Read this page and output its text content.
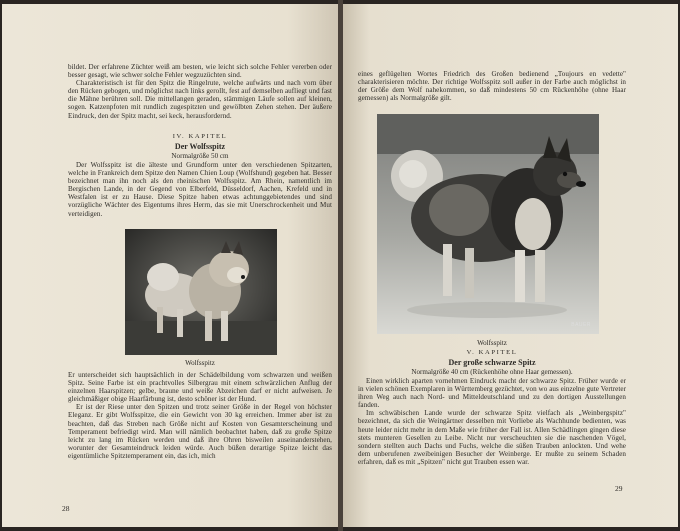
bildet. Der erfahrene Züchter weiß am besten, wie leicht sich solche Fehler vererben oder besser gesagt, wie schwer solche Fehler wegzuzüchten sind.

Charakteristisch ist für den Spitz die Ringelrute, welche aufwärts und nach vorn über den Rücken gebogen, und möglichst nach links gerollt, fest auf demselben aufliegt und fast die Mähne berühren soll. Die mittellangen geraden, stämmigen Läufe sollen auf kleinen, sogen. Katzenpfoten mit rundlich zugespitzten und gewölbten Zehen stehen. Der äußere Eindruck, den der Spitz macht, sei keck, herausfordernd.

IV. KAPITEL
Der Wolfsspitz
Normalgröße 50 cm

Der Wolfsspitz ist die älteste und Grundform unter den verschiedenen Spitzarten, welche in Frankreich dem Spitze den Namen Chien Loup (Wolfshund) gegeben hat. Besser bezeichnet man ihn noch als den rheinischen Wolfsspitz. Am Rhein, namentlich im Bergischen Lande, in der Gegend von Elberfeld, Düsseldorf, Aachen, Krefeld und in Westfalen ist er zu Hause. Diese Spitze haben etwas achtunggebietendes und sind vorzügliche Wächter des Eigentums ihres Herrn, das sie mit Unerschrockenheit und Mut verteidigen.

Wolfsspitz

Er unterscheidet sich hauptsächlich in der Schädelbildung vom schwarzen und weißen Spitz. Seine Farbe ist ein prachtvolles Silbergrau mit einem schwärzlichen Anflug der einzelnen Haarspitzen; gelbe, braune und weiße Abzeichen darf er nicht aufweisen. Je gleichmäßiger obige Haarfärbung ist, desto schöner ist der Hund.

Er ist der Riese unter den Spitzen und trotz seiner Größe in der Regel von höchster Eleganz. Er gibt Wolfsspitze, die ein Gewicht von 30 kg erreichen. Immer aber ist zu beachten, daß das Streben nach Größe nicht auf Kosten von Gesamterscheinung und Temperament befriedigt wird. Man will nämlich beobachtet haben, daß zu große Spitze leicht zu lang im Rücken werden und daß ihre Ohren bisweilen auseinanderstehen, worunter der Gesamteindruck leiden würde. Auch büßen derartige Spitze leicht das eigentümliche Spitztemperament ein, das ich, mich

28

eines geflügelten Wortes Friedrich des Großen bedienend „Toujours en vedette" charakterisieren möchte. Der richtige Wolfsspitz soll außer in der Farbe auch möglichst in der Größe dem Wolf nahekommen, so daß mindestens 50 cm Rückenhöhe (ohne Haar gemessen) als Normalgröße gilt.

BAUER
Wolfsspitz
V. KAPITEL
Der große schwarze Spitz
Normalgröße 40 cm (Rückenhöhe ohne Haar gemessen).

Einen wirklich aparten vornehmen Eindruck macht der schwarze Spitz. Früher wurde er in vielen schönen Exemplaren in Württemberg gezüchtet, von wo aus einzelne gute Vertreter ihren Weg auch nach Nord- und Mitteldeutschland und zu den dortigen Ausstellungen fanden.

Im schwäbischen Lande wurde der schwarze Spitz vielfach als „Weinbergspitz" bezeichnet, da sich die Weingärtner desselben mit Vorliebe als Wachhunde bedienten, was heute leider nicht mehr in dem Maße wie früher der Fall ist. Allen Schädlingen gingen diese stets munteren Gesellen zu Leibe. Nicht nur verscheuchten sie die naschenden Vögel, sondern stellten auch Dachs und Fuchs, welche die süßen Trauben anlockten. Und wehe dem unberufenen zweibeinigen Besucher der Weinberge. Er mußte zu seinem Schaden erfahren, daß es mit „Spitzen" nicht gut Trauben essen war.

29
